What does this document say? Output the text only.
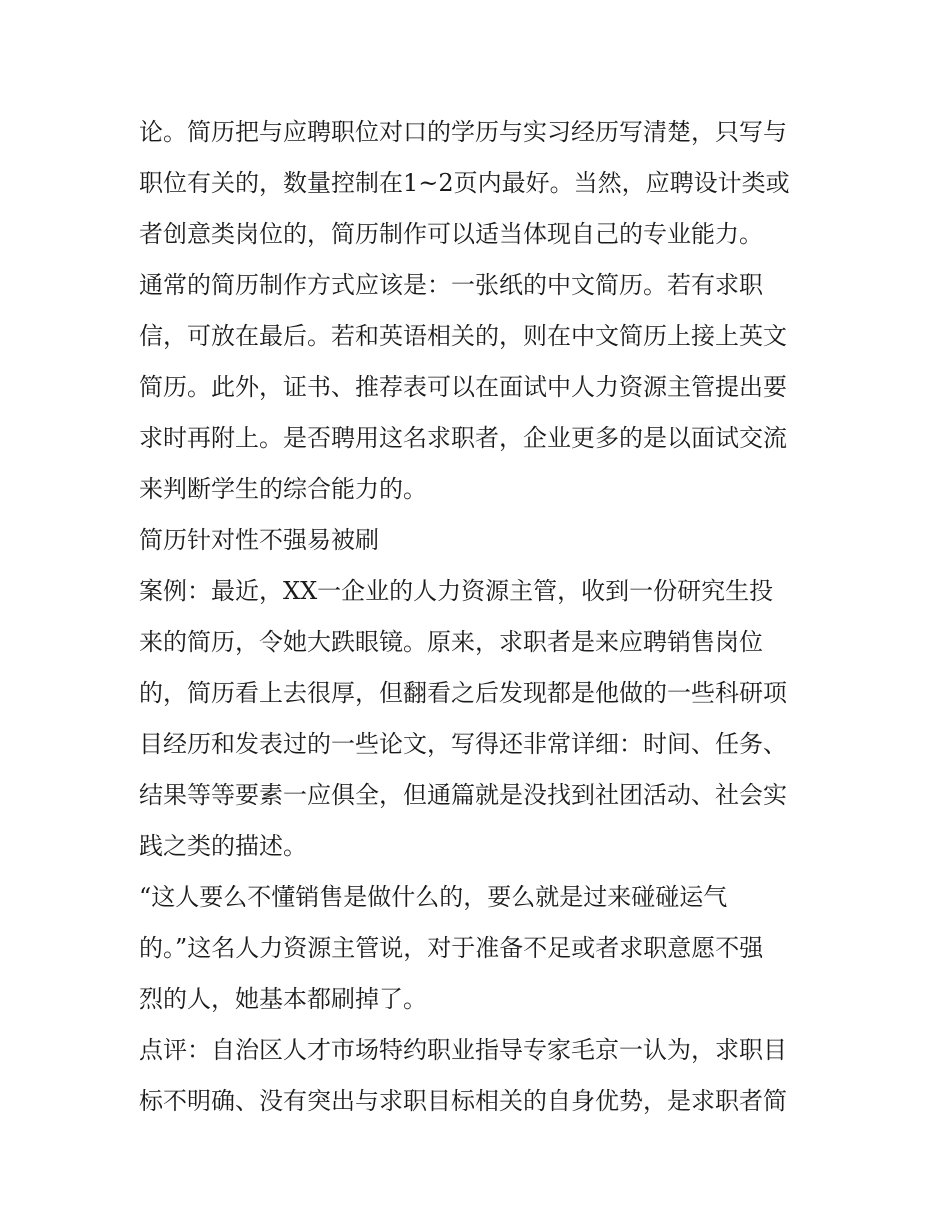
论。简历把与应聘职位对口的学历与实习经历写清楚，只写与
职位有关的，数量控制在1~2页内最好。当然，应聘设计类或
者创意类岗位的，简历制作可以适当体现自己的专业能力。
通常的简历制作方式应该是：一张纸的中文简历。若有求职
信，可放在最后。若和英语相关的，则在中文简历上接上英文
简历。此外，证书、推荐表可以在面试中人力资源主管提出要
求时再附上。是否聘用这名求职者，企业更多的是以面试交流
来判断学生的综合能力的。
简历针对性不强易被刷
案例：最近，XX一企业的人力资源主管，收到一份研究生投
来的简历，令她大跌眼镜。原来，求职者是来应聘销售岗位
的，简历看上去很厚，但翻看之后发现都是他做的一些科研项
目经历和发表过的一些论文，写得还非常详细：时间、任务、
结果等等要素一应俱全，但通篇就是没找到社团活动、社会实
践之类的描述。
“这人要么不懂销售是做什么的，要么就是过来碰碰运气
的。”这名人力资源主管说，对于准备不足或者求职意愿不强
烈的人，她基本都刷掉了。
点评：自治区人才市场特约职业指导专家毛京一认为，求职目
标不明确、没有突出与求职目标相关的自身优势，是求职者简
